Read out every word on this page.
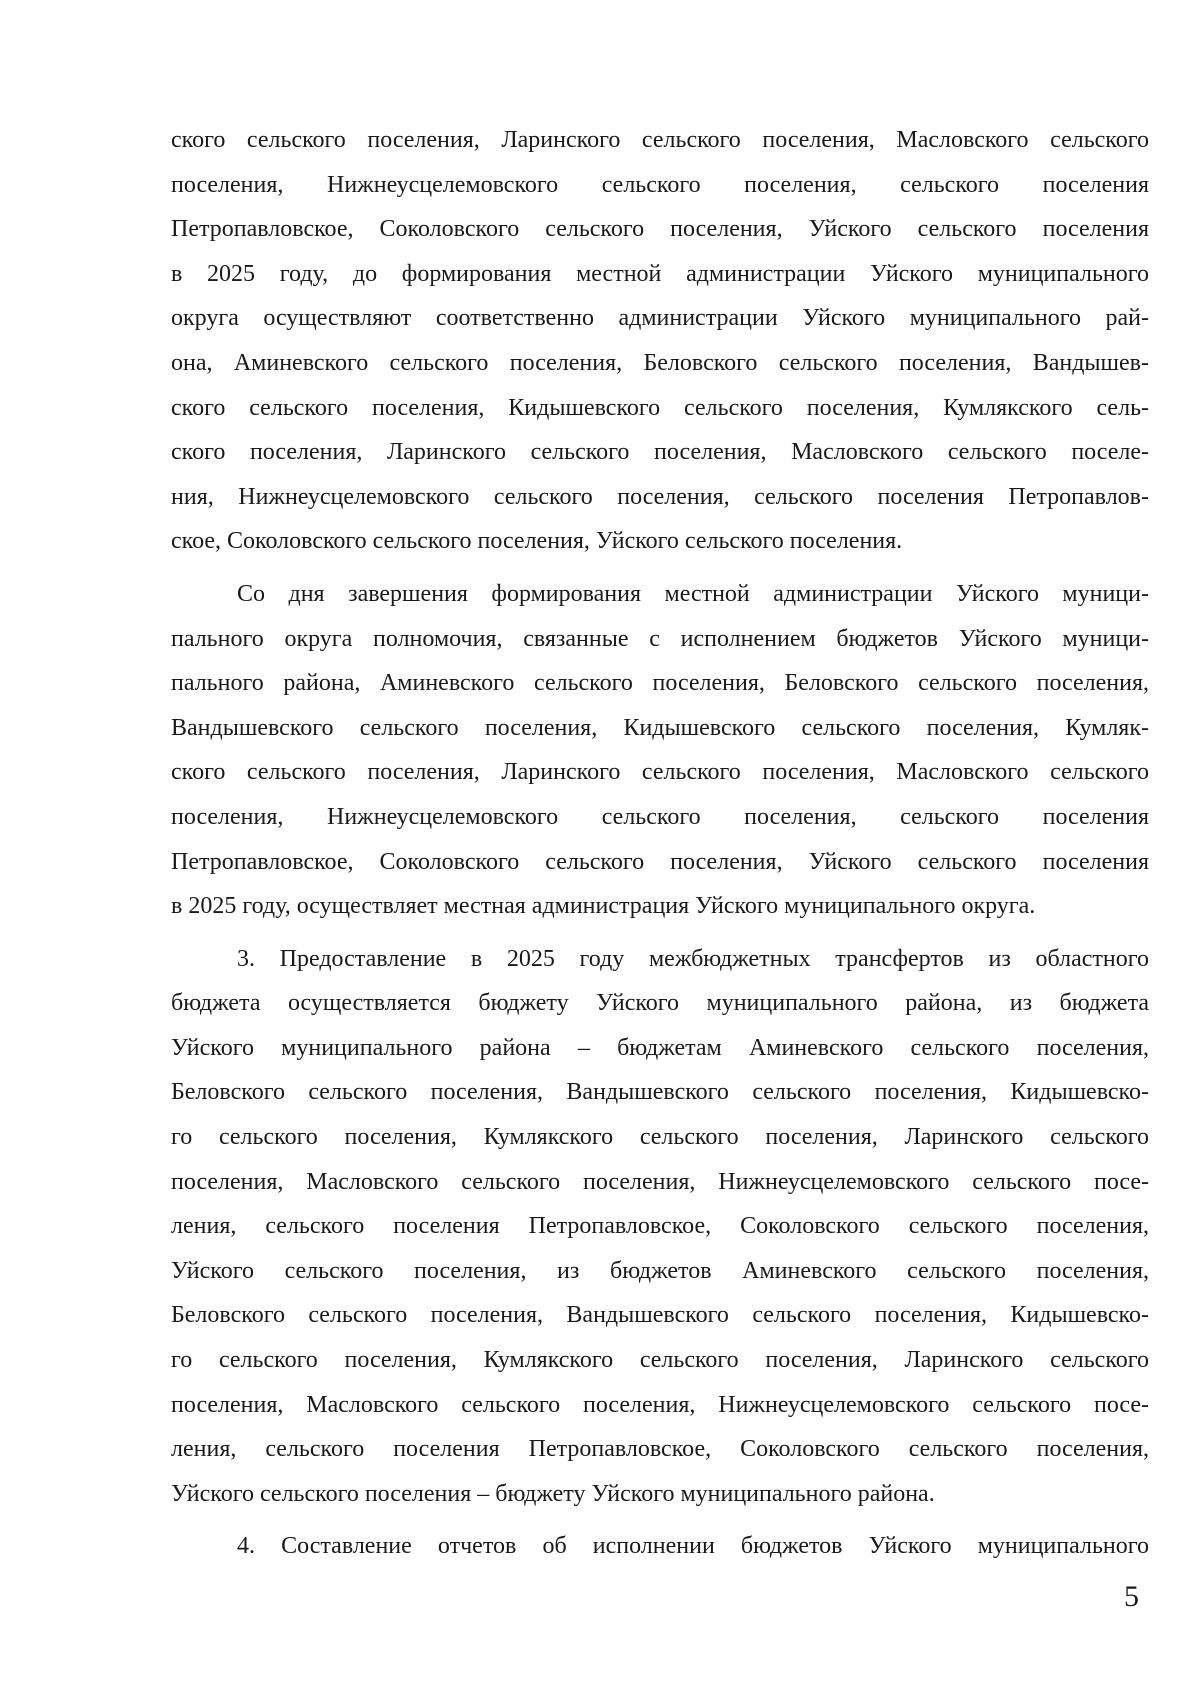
ского сельского поселения, Ларинского сельского поселения, Масловского сельского
поселения, Нижнеусцелемовского сельского поселения, сельского поселения
Петропавловское, Соколовского сельского поселения, Уйского сельского поселения
в 2025 году, до формирования местной администрации Уйского муниципального
округа осуществляют соответственно администрации Уйского муниципального рай-
она, Аминевского сельского поселения, Беловского сельского поселения, Вандышев-
ского сельского поселения, Кидышевского сельского поселения, Кумлякского сель-
ского поселения, Ларинского сельского поселения, Масловского сельского поселе-
ния, Нижнеусцелемовского сельского поселения, сельского поселения Петропавлов-
ское, Соколовского сельского поселения, Уйского сельского поселения.
Со дня завершения формирования местной администрации Уйского муници-
пального округа полномочия, связанные с исполнением бюджетов Уйского муници-
пального района, Аминевского сельского поселения, Беловского сельского поселения,
Вандышевского сельского поселения, Кидышевского сельского поселения, Кумляк-
ского сельского поселения, Ларинского сельского поселения, Масловского сельского
поселения, Нижнеусцелемовского сельского поселения, сельского поселения
Петропавловское, Соколовского сельского поселения, Уйского сельского поселения
в 2025 году, осуществляет местная администрация Уйского муниципального округа.
3. Предоставление в 2025 году межбюджетных трансфертов из областного
бюджета осуществляется бюджету Уйского муниципального района, из бюджета
Уйского муниципального района – бюджетам Аминевского сельского поселения,
Беловского сельского поселения, Вандышевского сельского поселения, Кидышевско-
го сельского поселения, Кумлякского сельского поселения, Ларинского сельского
поселения, Масловского сельского поселения, Нижнеусцелемовского сельского посе-
ления, сельского поселения Петропавловское, Соколовского сельского поселения,
Уйского сельского поселения, из бюджетов Аминевского сельского поселения,
Беловского сельского поселения, Вандышевского сельского поселения, Кидышевско-
го сельского поселения, Кумлякского сельского поселения, Ларинского сельского
поселения, Масловского сельского поселения, Нижнеусцелемовского сельского посе-
ления, сельского поселения Петропавловское, Соколовского сельского поселения,
Уйского сельского поселения – бюджету Уйского муниципального района.
4. Составление отчетов об исполнении бюджетов Уйского муниципального
5
